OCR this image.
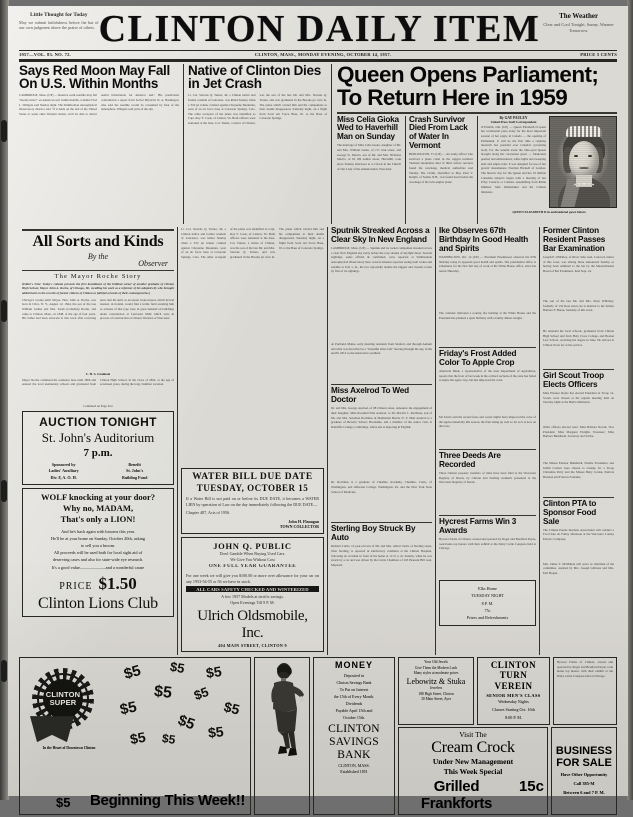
Little Thought for Today
May we submit faithfulness before the bar of our own judgment above the praise of others. CLINTON DAILY ITEM	The Weather
Clear and Cool Tonight, Sunny, Warmer Tomorrow.
1957—VOL. 83. NO. 72.	CLINTON, MASS., MONDAY EVENING, OCTOBER 14, 1957.	PRICE 5 CENTS
Says Red Moon May Fall On U.S. Within Months
CAMBRIDGE, Mass. (UP) — Russia's earth satellite may fall "mostly intact" on American soil within months, scientist Fred L. Whipple said Sunday night. The Smithsonian Astrophysical Observatory director said "if it lands on the end of the United States or some other Western nation, we'll be able to derive useful information for America and." His predictions contradicted a report from Soviet Physicist O. A. Bashnagov who said the satellite would be consumed by heat of the atmosphere. Whipple said parts of the sky.
Native of Clinton Dies in Jet Crash
Lt. Col. Stevens Q. Turner, 40, a Clinton native and former resident of Lancaster, was killed Sunday when a T22 jet trainer crashed against Cheyenne Mountain, west of an air force base at Colorado Springs, Colo. The other occupant of the plane was identified as Capt. Roy F. Cook, of Canton, Va. Both officers were stationed at the base. Col. Turner, a native of Clinton, was the son of the late Mr. and Mrs. Stevens Q. Turner, and was graduated in the Brooks jet crew in. The plane which carried him and his companions to their deaths disappeared, Saturday night, on a flight from Scott Air Force Base, Ill. to the Base of Colorado Springs.
Queen Opens Parliament; To Return Here in 1959
Miss Celia Gioka Wed to Haverhill Man on Sunday
The marriage of Miss Celia Gioka, daughter of Mr. and Mrs. William Gioka, of 171 Oak street, and George St. Macris, son of Mr. and Mrs. Nicholas Macris, of M 109 Arthur street, Haverhill, took place Sunday afternoon at 4 o'clock in the Church of Our Lady of the Annunciation, Worcester.
Crash Survivor Died From Lack of Water In Vermont
BURLINGTON, Vt. (UP) — An Army officer who survived a plane crash in the rugged northern Vermont mountains died of thirst before rescuers found the wreckage, medical authorities said Sunday. The victim, identified as Maj. Paul V. Knight, of Salem, N.H., was found dead beside the wreckage of his twin-engine plane.
By GAY PAULEY
United Press Staff Correspondent
OTTAWA, Ont. (UP) — Queen Elizabeth II opens her ceremonial press today for the most important session of her reign, in Canada — the opening of Parliament. It will be the first time a reigning monarch has presided over Canada's governing body. For the solemn event the blue-eyed Queen brought along her coronation gown — fabulously pearled and embroidered, white lights and sweeping skirt and ample train. It was designed for use of her gowns' dressmakers, Norman Hartnell of London. The historic day for the Queen and her 16 million Canadian subjects began with a meeting of her Privy Council, or Cabinet, Assembling from Prime Minister John Diefenbaker and his Cabinet ministers.
QUEEN ELIZABETH II in embroidered gown before
All Sorts and Kinds
By the
Observer
The Mayor Roche Story
(Editor's Note: Today's column presents the first installment of the brilliant career of another graduate of Clinton High School, Mayor John A. Roche, of Chicago, Ill., recalling his work as a reformer of his adopted city who brought added lustre to the records of former citizens of Clinton as faithful servants of their contemporaries.)
Chicago's twenty-sixth Mayor, Hon. John A. Roche, was born in Utica, N. Y., August 12, 1844, the son of the late William Joshua and Mrs. Sarah (Callahan) Roche, and came to Clinton, Mass., in 1848, at the age of four years. His father had been attracted to this town after receiving news that his skill, as an expert stone mason, which he had learned, in Ireland, would find a fertile field awaiting him as artisans of that type were in great demand on buildings under construction at Lancaster Mills which were in process of construction at Clinton Worsted, at Worcester.
C. H. S. Graduate
Mayor Roche continued his residence here until 1866 and entered the local elementary schools and graduated from Clinton High School, in the Class of 1862, at the age of seventeen years, during the long, Summer vacation.
Continued on Page four
AUCTION TONIGHT
St. John's Auditorium
7 p.m.
Sponsored by
Ladies' Auxiliary
Div. 8, A. O. H.
Benefit
St. John's
Building Fund
WOLF knocking at your door?
Why no, MADAM,
That's only a LION!
And he's back again with brooms this year.
He'll be at your home on Sunday, October 20th, asking
to sell you a broom.
All proceeds will be used both for local sight aid of
deserving cases and also for state-wide eye research.
It's a good value——————and a wonderful cause
PRICE $1.50
Clinton Lions Club
Lt. Col. Stevens Q. Turner, 40, a Clinton native and former resident of Lancaster, was killed Sunday when a T22 jet trainer crashed against Cheyenne Mountain, west of an air force base at Colorado Springs, Colo. The other occupant of the plane was identified as Capt. Roy F. Cook, of Canton, Va. Both officers were stationed at the base. Col. Turner, a native of Clinton, was the son of the late Mr. and Mrs. Stevens Q. Turner, and was graduated in the Brooks jet crew in. The plane which carried him and his companions to their deaths disappeared, Saturday night, on a flight from Scott Air Force Base, Ill. to the Base of Colorado Springs.
WATER BILL DUE DATE
TUESDAY, OCTOBER 15
If a Water Bill is not paid on or before its DUE DATE, it becomes a WATER LIEN by operation of Law on the day immediately following the DUE DATE—
Chapter 487, Acts of 1956.
John H. Flanagan
TOWN COLLECTOR
JOHN Q. PUBLIC
Don't Gamble When Buying Used Cars.
We Give You Without Cost
ONE FULL YEAR GUARANTEE
For one week we will give you $100.00 or more over allowance for your car on any 1953-54-55 or 56 we have in stock.
ALL CARS SAFETY CHECKED AND WINTERIZED
A few 1957 Models at terrific savings.
Open Evenings Till 9 P. M.
Ulrich Oldsmobile, Inc.
404 MAIN STREET, CLINTON 9
Sputnik Streaked Across a Clear Sky In New England
CAMBRIDGE, Mass. (UP) — Sputnik and its rocket companion streaked across a clear New England sky today before the rosy streaks of daylight dawn. Several sightings, some official & confirmed, were reported at Smithsonian Astrophysical Observatory here, several amateur reported seeing both rocket and satellite at 6:41 a. m., the two reportedly double the biggest and clearest rocket by first of its sightings.
At Portland, Maine, early morning residents from Sanford, and through Auburn and what was described as a "beautiful silver ball" moving through the sky, in the north's 1812 to-the-mark more southern.
Miss Axelrod To Wed Doctor
Dr. and Mrs. George Axelrod, of 68 Clinton street, announce the engagement of their daughter, Miss Rosalind Edie Axelrod, to Dr. Marvin C. Rochinas, son of Mr. and Mrs. Solomon Rochinas of Manhattan Beach, N. Y. Miss Axelrod is a graduate of Beverly School, Brookline, and a member of the senior class at Radcliffe College, Cambridge, where she is majoring in English.
Dr. Rochinas is a graduate of Cheshire Academy, Cheshire, Conn., of Washington, and Jefferson College, Washington, Pa. and the New York State School of Medicine.
Sterling Boy Struck By Auto
Richard Curtis, 13-year-old son of Mr. and Mrs. Albert Curtis of Sterling street, West Sterling, is reported in satisfactory condition at the Clinton Hospital, following an accident in front of his home at 11:15 a. m. Sunday, when he was struck by a car and was driven by the Curtis Chambers of 118 Pleasant Hill road, Maynard.
Ike Observes 67th Birthday In Good Health and Spirits
WASHINGTON, Oct. 14 (UP) — President Eisenhower observes his 67th birthday today in apparent good health and spirits. The presidential office is scheduled, for his first full day of work at his White House office, since his return Thursday.
The calendar indicated a roaring fire burning at the White House and the President has planned a quiet birthday with a family dinner tonight.
Friday's Frost Added Color To Apple Crop
American Bank, a representative of the state Department of Agriculture, reports that the frost of last week in the orchard sections of the state has failed to injure the apple crop, but has improved the color.
Mr. Davis said the recent frosts and cooler nights have improved the color of the apples materially this season, the fruit sizing up well so far as it is now on the trees.
Three Deeds Are Recorded
Three Clinton property transfers of titles have been filed at the Worcester Registry of Deeds, by Clinton and Sterling residents presented at the Worcester Registry of Deeds.
Hycrest Farms Win 3 Awards
Hycrest Farms of Clinton, owned and operated by Roger and Bradford Doyle, took home top honors with their exhibit at the Dairy Cattle Congress held at Chicago.
Elks Home
TUESDAY NIGHT
8 P. M.
75c
Prizes and Refreshments
Former Clinton Resident Passes Bar Examination
Joseph P. O'Malley, of River Side road, Concord, native of this town, was among those announced Sunday as having been admitted to the bar by the Massachusetts Board of Bar Examiners, held Sept. 24.
The son of the late Mr. and Mrs. Peter O'Malley, formerly of 132 Ross street, he is married to the former Barbara F. Horan, formerly of this town.
He attended the local schools, graduated from Clinton High School and from Holy Cross College, and Boston Law School, receiving his degree in June. He arrived at Clinton Town for active service.
Girl Scout Troop Elects Officers
Miss Eleanor Doyle has elected President of Troop 14, Scouts were chosen at the regular meeting held on Tuesday night at the Harris Memorial.
Other officers elected were: Miss Barbara Novak, Vice President; Miss Margaret Enright, Treasurer; Miss Barbara Burkhardt, Secretary and Scribe.
The Misses Eleanor Burkhardt, Natalie Ferrantino, and Judith Corbett were chosen to arrange for a Troop Christmas Party and the Misses Betty Jordan, Patricia Bresnan and Frances Fontaine.
Clinton PTA to Sponsor Food Sale
The Clinton Parent-Teachers Association will conduct a Food Sale on Friday afternoon at the Worcester County Electric Company.
Mrs. James T. McMahon will serve as chairman of the committee, assisted by Mrs. Joseph Gibbons and Mrs. Earl Hogan.
CLINTON
SUPER
In the Heart of Downtown Clinton
$5 $5 $5
$5 $5
$5	$5
$5
$5 $5 $5
$5 Beginning This Week!!
MONEY
Deposited in
Clinton Savings Bank
To Put on Interest
the 15th of Every Month.
Dividends
Payable April 15th and
October 15th.
CLINTON
SAVINGS
BANK
CLINTON, MASS.
Established 1851
Your Old Jewels
Give Them the Modern Look
Many styles at moderate prices
Lebowitz & Stuka
Jewelers
188 High Street, Clinton
30 Main Street, Ayer
CLINTON
TURN VEREIN
SENIOR MEN'S CLASS
Wednesday Nights
Classes Starting Oct. 16th
8:00 P. M.
Hycrest Farms of Clinton, owned and operated by Roger and Bradford Doyle, took home top honors with their exhibit at the Dairy Cattle Congress held at Chicago.
Visit The
Cream Crock
Under New Management
This Week Special
Grilled Frankforts
15c
BUSINESS
FOR SALE
Have Other Opportunity
Call 385-M
Between 6 and 7 P. M.
